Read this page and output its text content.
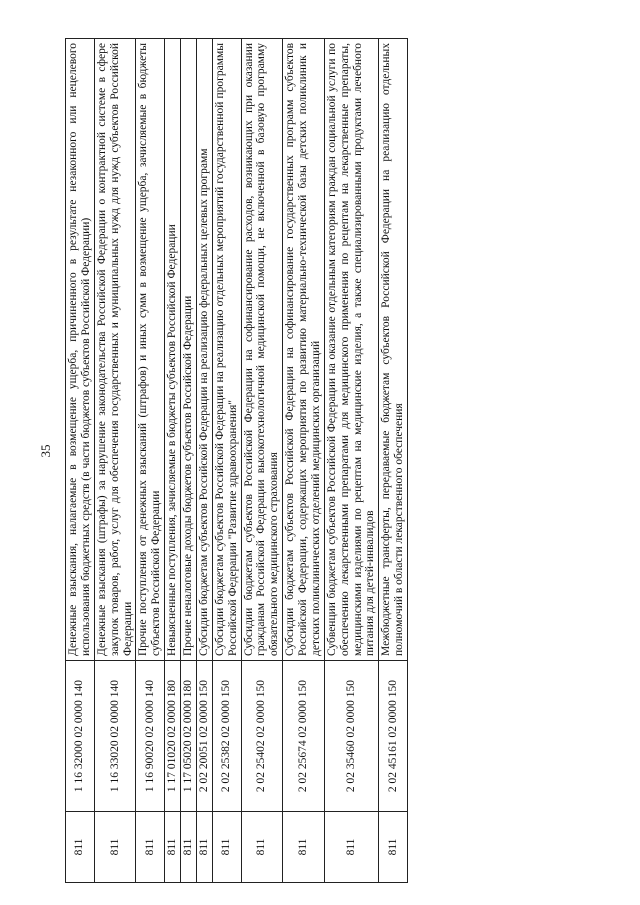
35
811	1 16 32000 02 0000 140	Денежные взыскания, налагаемые в возмещение ущерба, причиненного в результате незаконного или нецелевого использования бюджетных средств (в части бюджетов субъектов Российской Федерации)
811	1 16 33020 02 0000 140	Денежные взыскания (штрафы) за нарушение законодательства Российской Федерации о контрактной системе в сфере закупок товаров, работ, услуг для обеспечения государственных и муниципальных нужд для нужд субъектов Российской Федерации
811	1 16 90020 02 0000 140	Прочие поступления от денежных взысканий (штрафов) и иных сумм в возмещение ущерба, зачисляемые в бюджеты субъектов Российской Федерации
811	1 17 01020 02 0000 180	Невыясненные поступления, зачисляемые в бюджеты субъектов Российской Федерации
811	1 17 05020 02 0000 180	Прочие неналоговые доходы бюджетов субъектов Российской Федерации
811	2 02 20051 02 0000 150	Субсидии бюджетам субъектов Российской Федерации на реализацию федеральных целевых программ
811	2 02 25382 02 0000 150	Субсидии бюджетам субъектов Российской Федерации на реализацию отдельных мероприятий государственной программы Российской Федерации "Развитие здравоохранения"
811	2 02 25402 02 0000 150	Субсидии бюджетам субъектов Российской Федерации на софинансирование расходов, возникающих при оказании гражданам Российской Федерации высокотехнологичной медицинской помощи, не включенной в базовую программу обязательного медицинского страхования
811	2 02 25674 02 0000 150	Субсидии бюджетам субъектов Российской Федерации на софинансирование государственных программ субъектов Российской Федерации, содержащих мероприятия по развитию материально-технической базы детских поликлиник и детских поликлинических отделений медицинских организаций
811	2 02 35460 02 0000 150	Субвенции бюджетам субъектов Российской Федерации на оказание отдельным категориям граждан социальной услуги по обеспечению лекарственными препаратами для медицинского применения по рецептам на лекарственные препараты, медицинскими изделиями по рецептам на медицинские изделия, а также специализированными продуктами лечебного питания для детей-инвалидов
811	2 02 45161 02 0000 150	Межбюджетные трансферты, передаваемые бюджетам субъектов Российской Федерации на реализацию отдельных полномочий в области лекарственного обеспечения
